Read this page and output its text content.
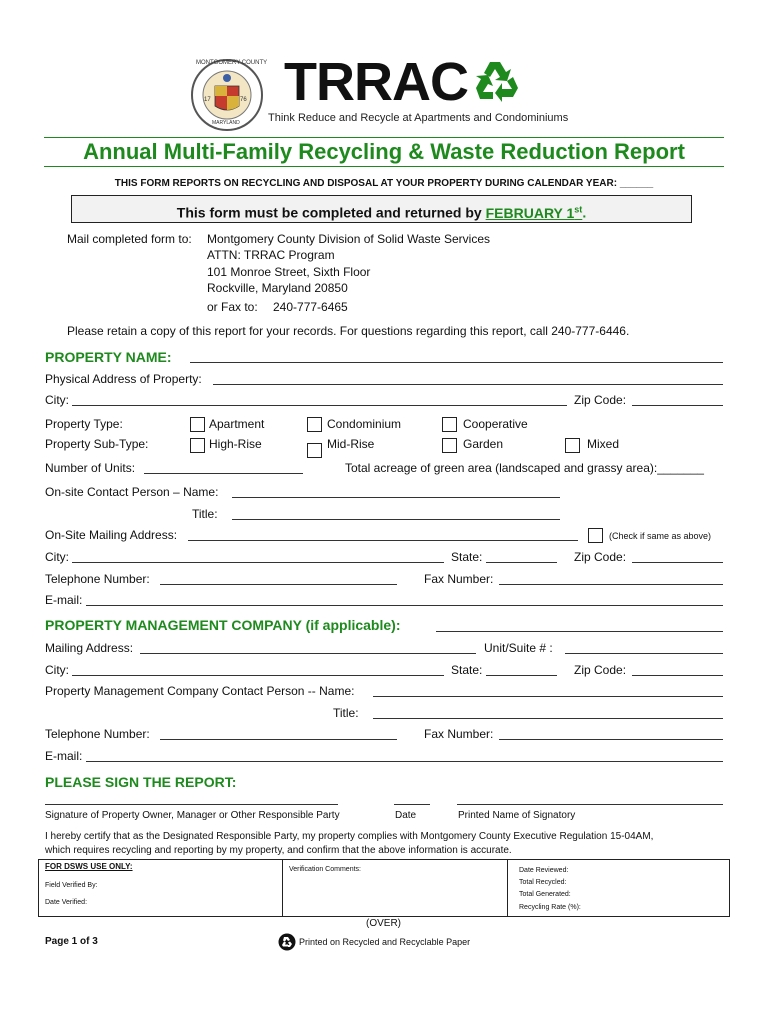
MONTGOMERY COUNTY
MARYLAND
17	76 TRRAC
Think Reduce and Recycle at Apartments and Condominiums
Annual Multi-Family Recycling & Waste Reduction Report
THIS FORM REPORTS ON RECYCLING AND DISPOSAL AT YOUR PROPERTY DURING CALENDAR YEAR: ______
This form must be completed and returned by FEBRUARY 1st.
Mail completed form to: Montgomery County Division of Solid Waste Services
ATTN: TRRAC Program
101 Monroe Street, Sixth Floor
Rockville, Maryland 20850
or Fax to: 240-777-6465
Please retain a copy of this report for your records. For questions regarding this report, call 240-777-6446.
PROPERTY NAME:
Physical Address of Property:
City:	Zip Code:
Property Type:	Apartment	Condominium	Cooperative
Property Sub-Type:	High-Rise	Mid-Rise	Garden	Mixed
Number of Units:	Total acreage of green area (landscaped and grassy area):_______
On-site Contact Person – Name:
Title:
On-Site Mailing Address:	(Check if same as above)
City:	State:	Zip Code:
Telephone Number:	Fax Number:
E-mail:
PROPERTY MANAGEMENT COMPANY (if applicable):
Mailing Address:	Unit/Suite # :
City:	State:	Zip Code:
Property Management Company Contact Person -- Name:
Title:
Telephone Number:	Fax Number:
E-mail:
PLEASE SIGN THE REPORT:
Signature of Property Owner, Manager or Other Responsible Party	Date	Printed Name of Signatory
I hereby certify that as the Designated Responsible Party, my property complies with Montgomery County Executive Regulation 15-04AM,
which requires recycling and reporting by my property, and confirm that the above information is accurate.
FOR DSWS USE ONLY:
Field Verified By:
Date Verified:
Verification Comments:	Date Reviewed:
Total Recycled:
Total Generated:
Recycling Rate (%):
(OVER)
Page 1 of 3	Printed on Recycled and Recyclable Paper
